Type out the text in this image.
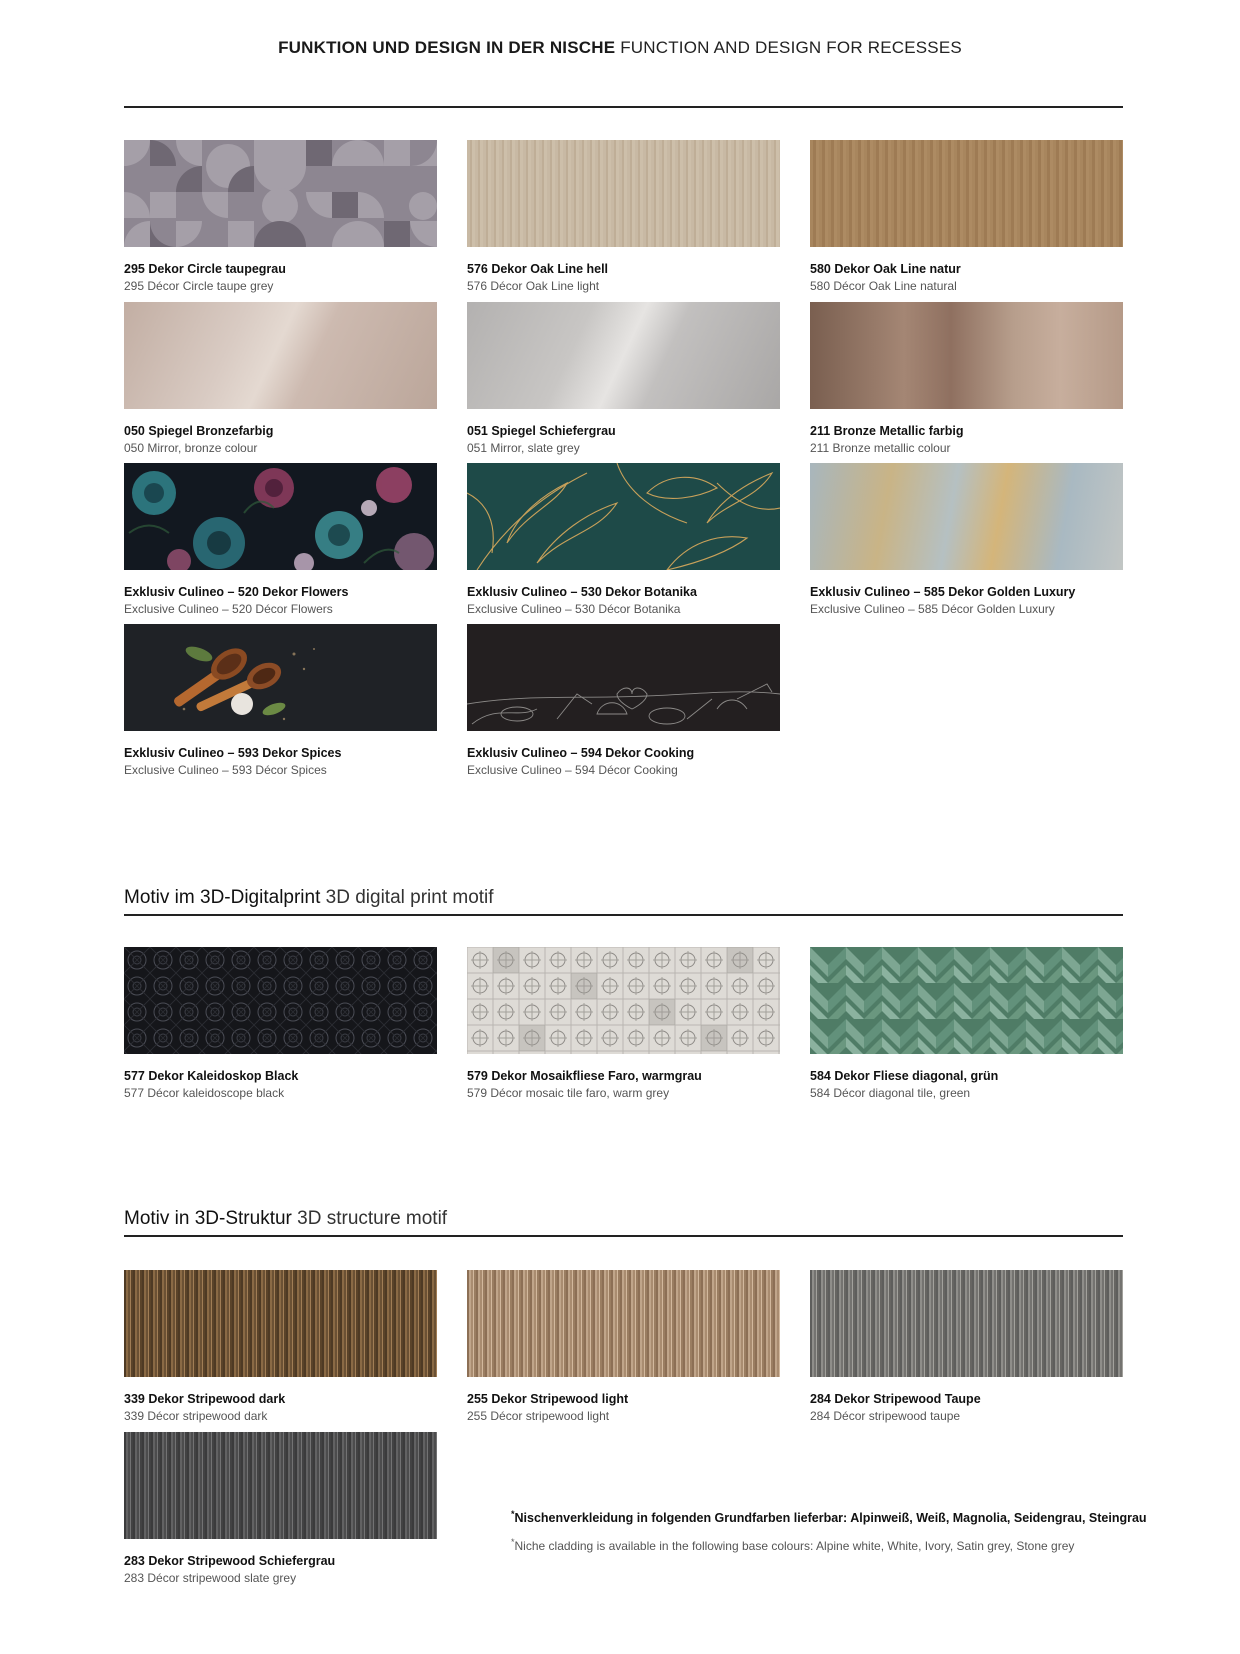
FUNKTION UND DESIGN IN DER NISCHE FUNCTION AND DESIGN FOR RECESSES
295 Dekor Circle taupegrau
295 Décor Circle taupe grey
576 Dekor Oak Line hell
576 Décor Oak Line light
580 Dekor Oak Line natur
580 Décor Oak Line natural
050 Spiegel Bronzefarbig
050 Mirror, bronze colour
051 Spiegel Schiefergrau
051 Mirror, slate grey
211 Bronze Metallic farbig
211 Bronze metallic colour
Exklusiv Culineo – 520 Dekor Flowers
Exclusive Culineo – 520 Décor Flowers
Exklusiv Culineo – 530 Dekor Botanika
Exclusive Culineo – 530 Décor Botanika
Exklusiv Culineo – 585 Dekor Golden Luxury
Exclusive Culineo – 585 Décor Golden Luxury
Exklusiv Culineo – 593 Dekor Spices
Exclusive Culineo – 593 Décor Spices
Exklusiv Culineo – 594 Dekor Cooking
Exclusive Culineo – 594 Décor Cooking
Motiv im 3D-Digitalprint 3D digital print motif
577 Dekor Kaleidoskop Black
577 Décor kaleidoscope black
579 Dekor Mosaikfliese Faro, warmgrau
579 Décor mosaic tile faro, warm grey
584 Dekor Fliese diagonal, grün
584 Décor diagonal tile, green
Motiv in 3D-Struktur 3D structure motif
339 Dekor Stripewood dark
339 Décor stripewood dark
255 Dekor Stripewood light
255 Décor stripewood light
284 Dekor Stripewood Taupe
284 Décor stripewood taupe
283 Dekor Stripewood Schiefergrau
283 Décor stripewood slate grey
*Nischenverkleidung in folgenden Grundfarben lieferbar: Alpinweiß, Weiß, Magnolia, Seidengrau, Steingrau
*Niche cladding is available in the following base colours: Alpine white, White, Ivory, Satin grey, Stone grey
